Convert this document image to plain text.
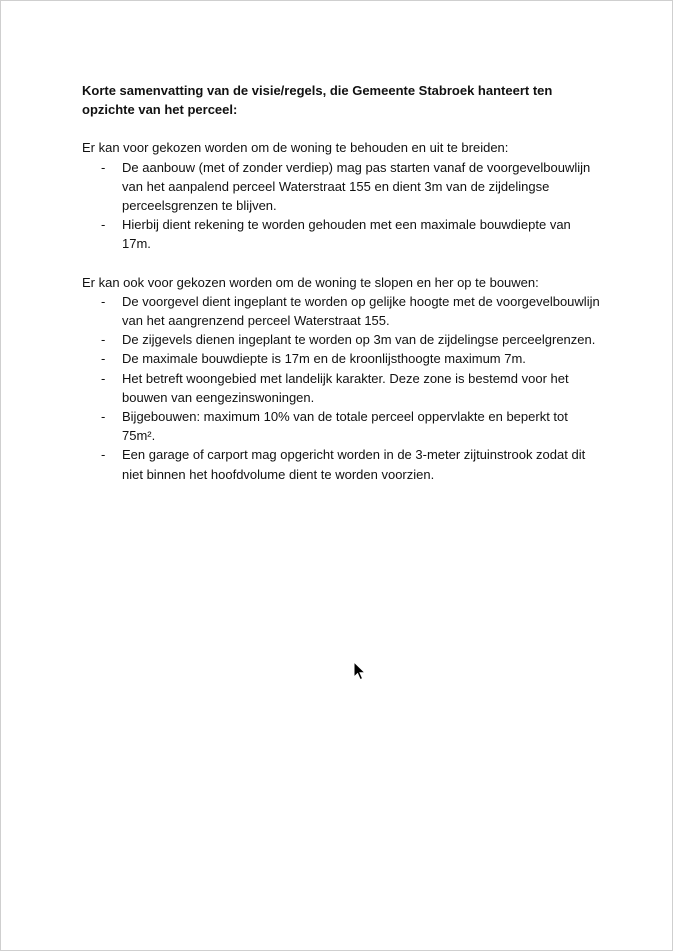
Korte samenvatting van de visie/regels, die Gemeente Stabroek hanteert ten opzichte van het perceel:

Er kan voor gekozen worden om de woning te behouden en uit te breiden:

- De aanbouw (met of zonder verdiep) mag pas starten vanaf de voorgevelbouwlijn van het aanpalend perceel Waterstraat 155 en dient 3m van de zijdelingse perceelsgrenzen te blijven.
- Hierbij dient rekening te worden gehouden met een maximale bouwdiepte van 17m.

Er kan ook voor gekozen worden om de woning te slopen en her op te bouwen:

- De voorgevel dient ingeplant te worden op gelijke hoogte met de voorgevelbouwlijn van het aangrenzend perceel Waterstraat 155.
- De zijgevels dienen ingeplant te worden op 3m van de zijdelingse perceelgrenzen.
- De maximale bouwdiepte is 17m en de kroonlijsthoogte maximum 7m.
- Het betreft woongebied met landelijk karakter. Deze zone is bestemd voor het bouwen van eengezinswoningen.
- Bijgebouwen: maximum 10% van de totale perceel oppervlakte en beperkt tot 75m².
- Een garage of carport mag opgericht worden in de 3-meter zijtuinstrook zodat dit niet binnen het hoofdvolume dient te worden voorzien.
